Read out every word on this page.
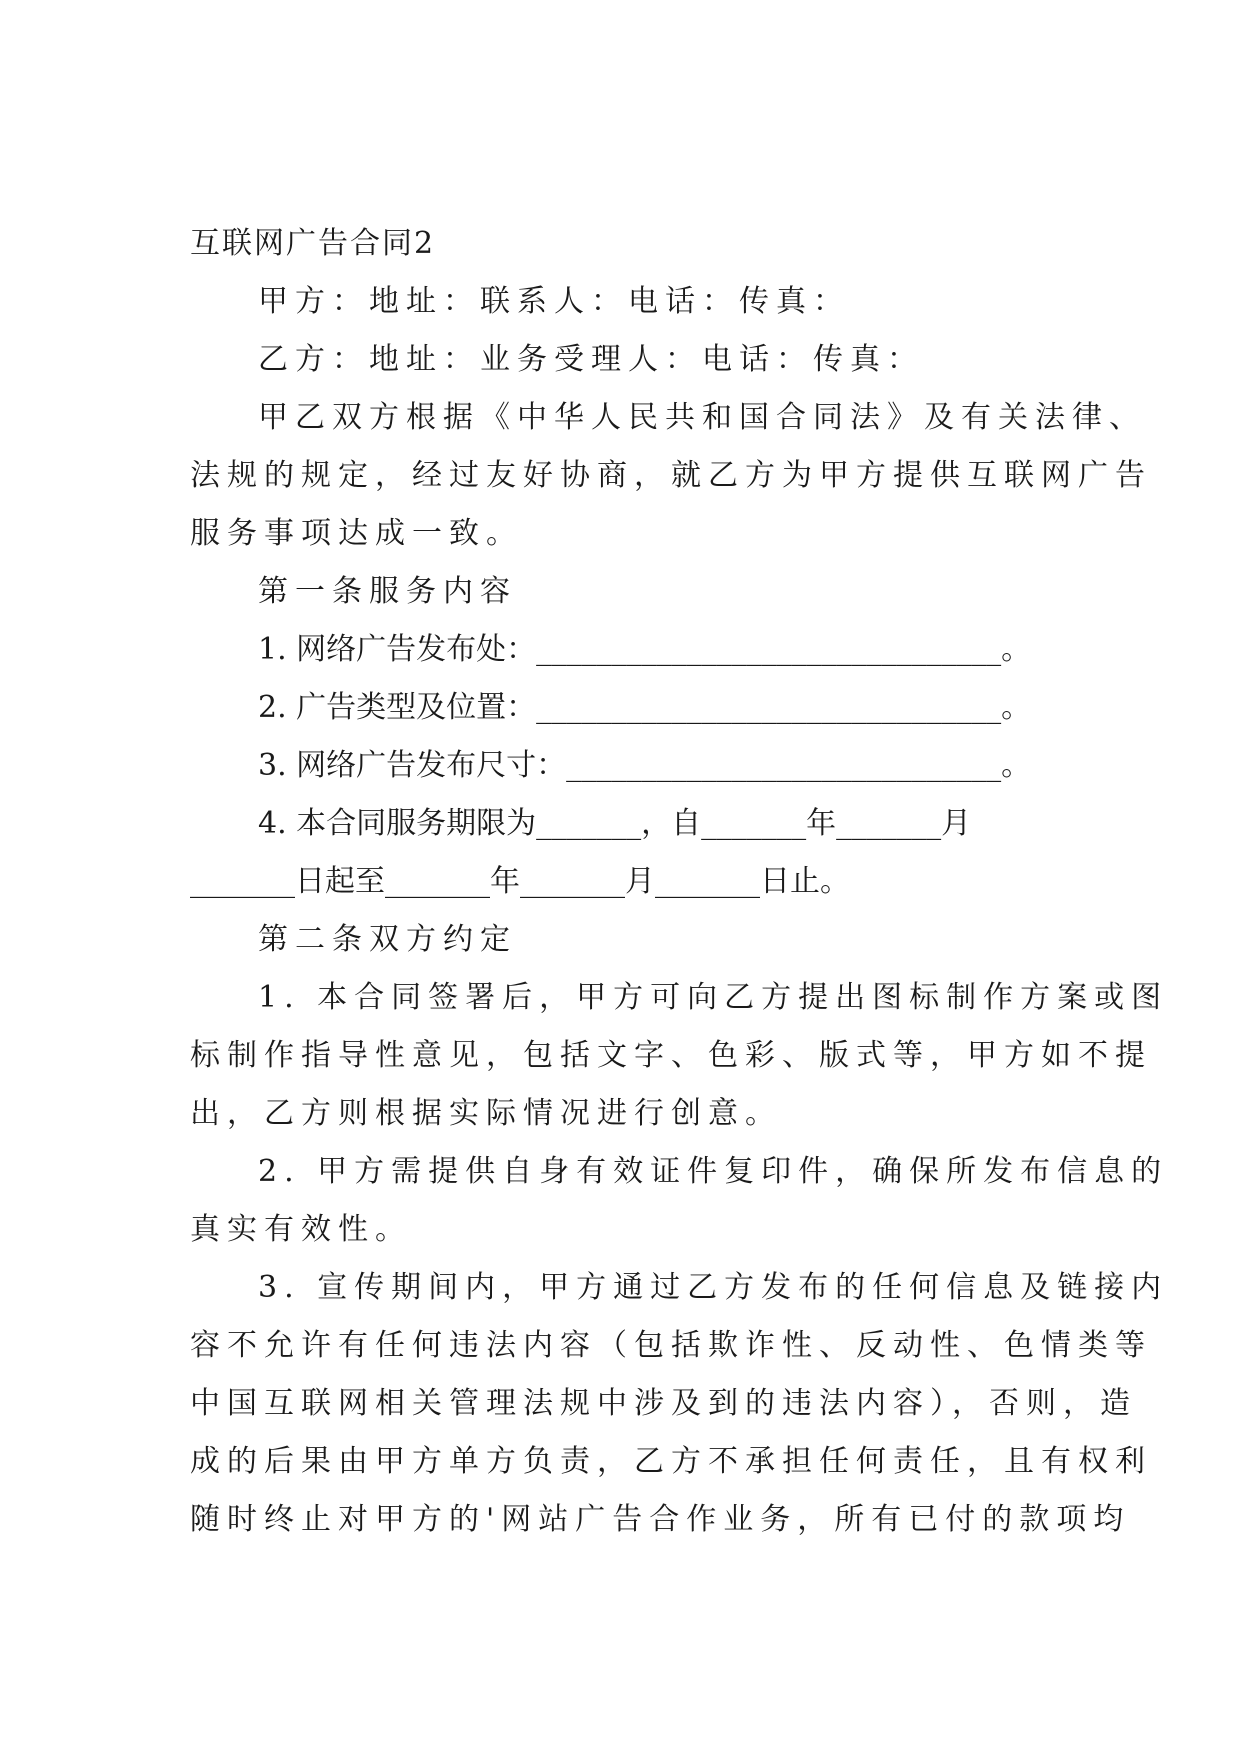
互联网广告合同2
甲方：地址：联系人：电话：传真：
乙方：地址：业务受理人：电话：传真：
甲乙双方根据《中华人民共和国合同法》及有关法律、
法规的规定，经过友好协商，就乙方为甲方提供互联网广告
服务事项达成一致。
第一条服务内容
1. 网络广告发布处：_______________________________。
2. 广告类型及位置：_______________________________。
3. 网络广告发布尺寸：_____________________________。
4. 本合同服务期限为_______，自_______年_______月
_______日起至_______年_______月_______日止。
第二条双方约定
1. 本合同签署后，甲方可向乙方提出图标制作方案或图
标制作指导性意见，包括文字、色彩、版式等，甲方如不提
出，乙方则根据实际情况进行创意。
2. 甲方需提供自身有效证件复印件，确保所发布信息的
真实有效性。
3. 宣传期间内，甲方通过乙方发布的任何信息及链接内
容不允许有任何违法内容（包括欺诈性、反动性、色情类等
中国互联网相关管理法规中涉及到的违法内容），否则，造
成的后果由甲方单方负责，乙方不承担任何责任，且有权利
随时终止对甲方的'网站广告合作业务，所有已付的款项均
